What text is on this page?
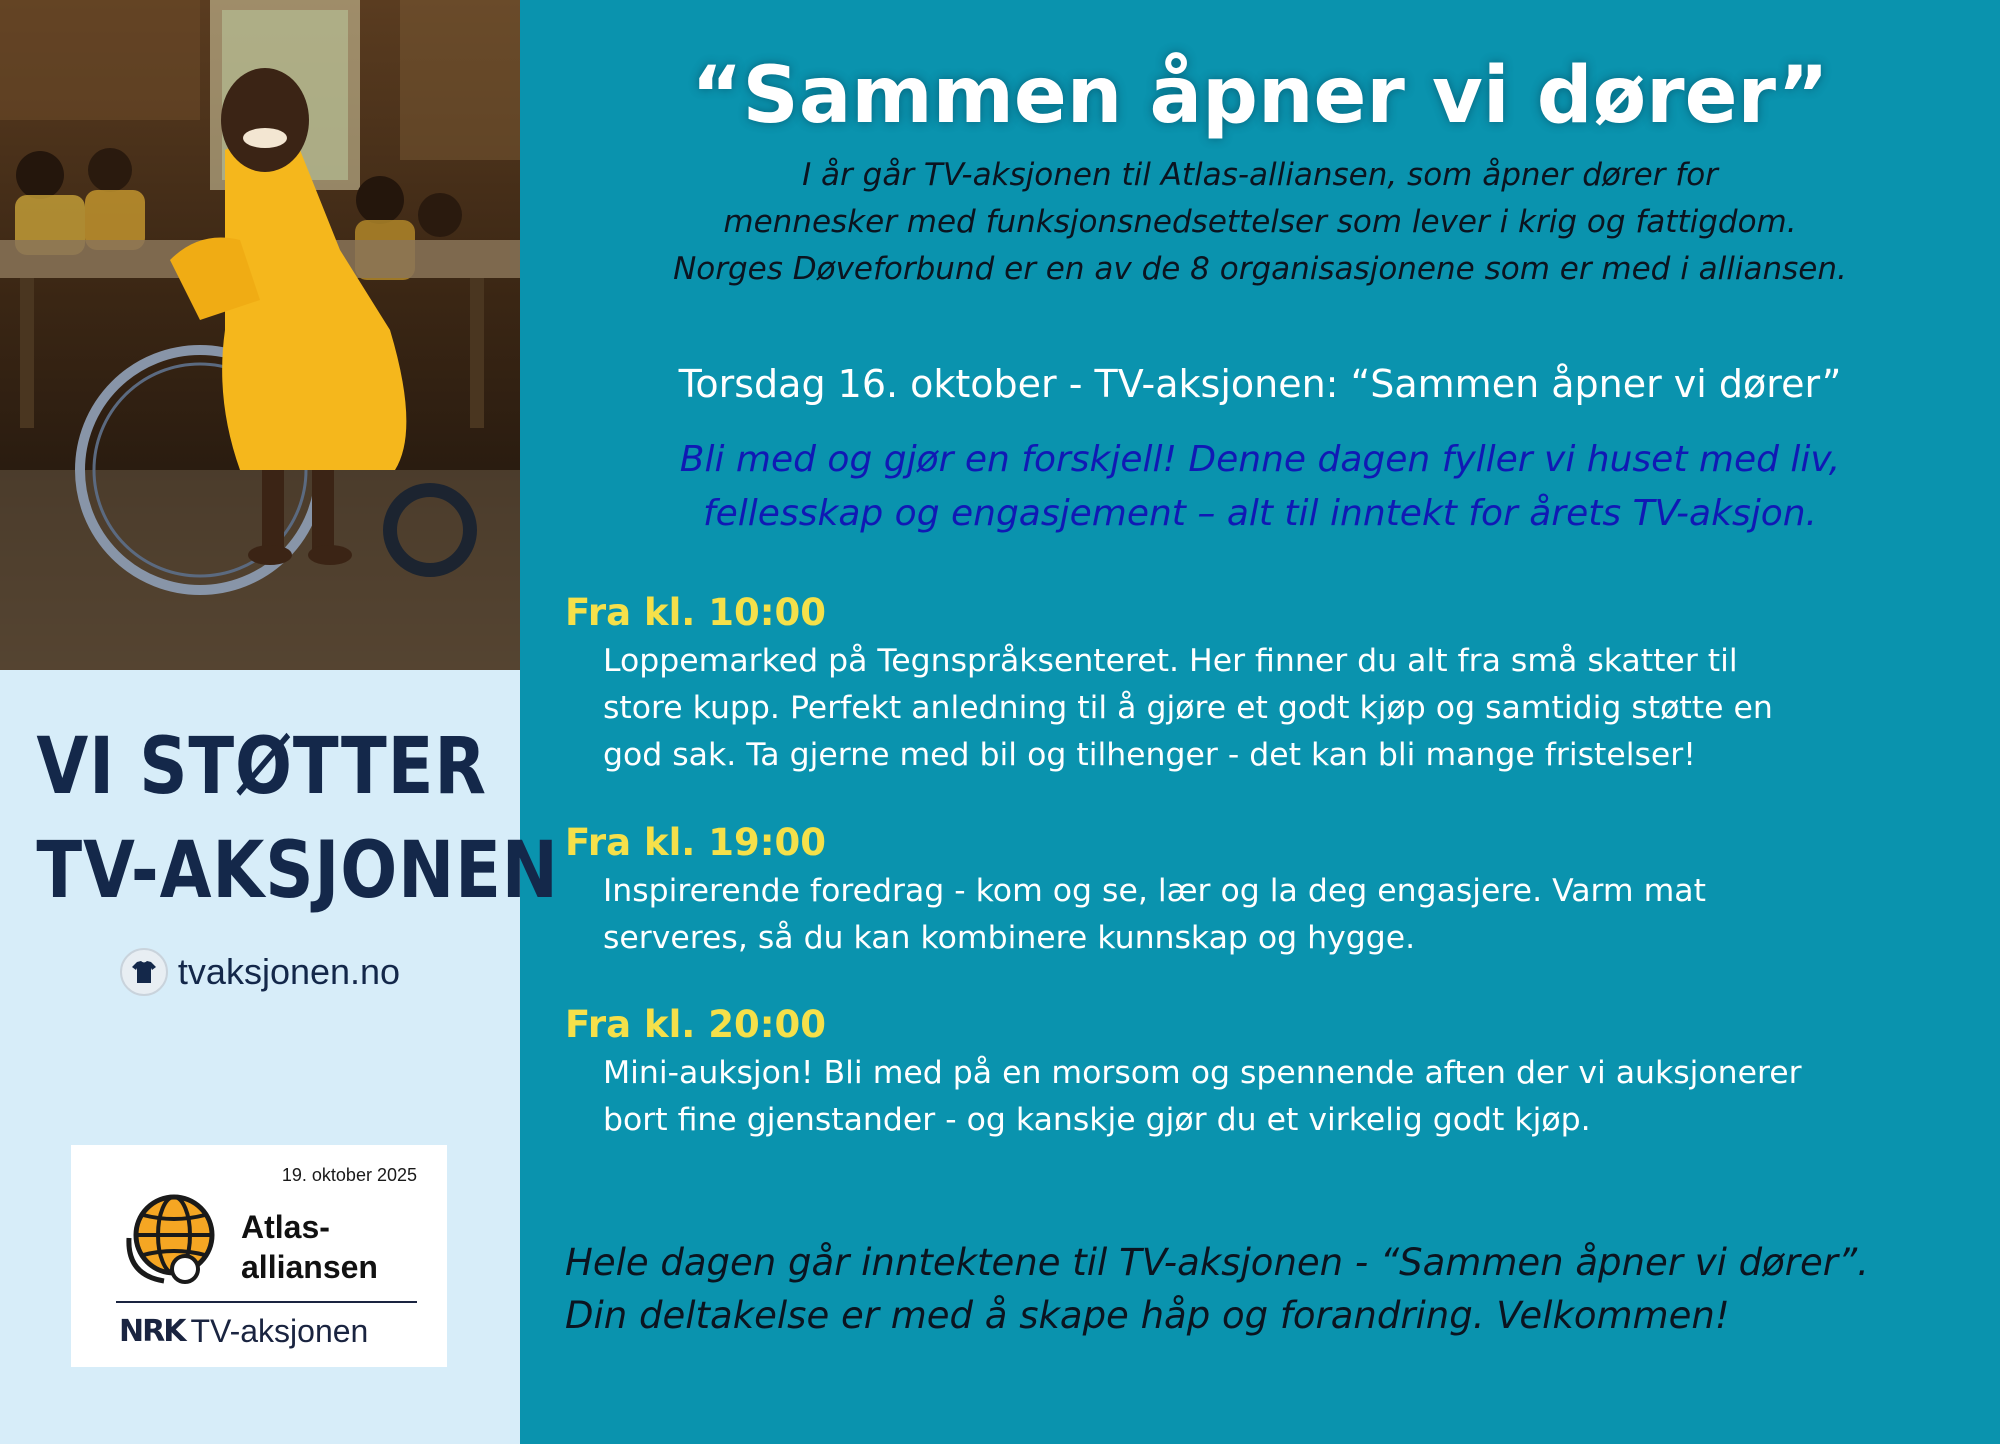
VI STØTTER
TV-AKSJONEN
tvaksjonen.no
19. oktober 2025
Atlas-
alliansen
NRK TV-aksjonen
“Sammen åpner vi dører”
I år går TV-aksjonen til Atlas-alliansen, som åpner dører for
mennesker med funksjonsnedsettelser som lever i krig og fattigdom.
Norges Døveforbund er en av de 8 organisasjonene som er med i alliansen.
Torsdag 16. oktober - TV-aksjonen: “Sammen åpner vi dører”
Bli med og gjør en forskjell! Denne dagen fyller vi huset med liv,
fellesskap og engasjement – alt til inntekt for årets TV-aksjon.
Fra kl. 10:00
Loppemarked på Tegnspråksenteret. Her finner du alt fra små skatter til
store kupp. Perfekt anledning til å gjøre et godt kjøp og samtidig støtte en
god sak. Ta gjerne med bil og tilhenger - det kan bli mange fristelser!
Fra kl. 19:00
Inspirerende foredrag - kom og se, lær og la deg engasjere. Varm mat
serveres, så du kan kombinere kunnskap og hygge.
Fra kl. 20:00
Mini-auksjon! Bli med på en morsom og spennende aften der vi auksjonerer
bort fine gjenstander - og kanskje gjør du et virkelig godt kjøp.
Hele dagen går inntektene til TV-aksjonen - “Sammen åpner vi dører”.
Din deltakelse er med å skape håp og forandring. Velkommen!
